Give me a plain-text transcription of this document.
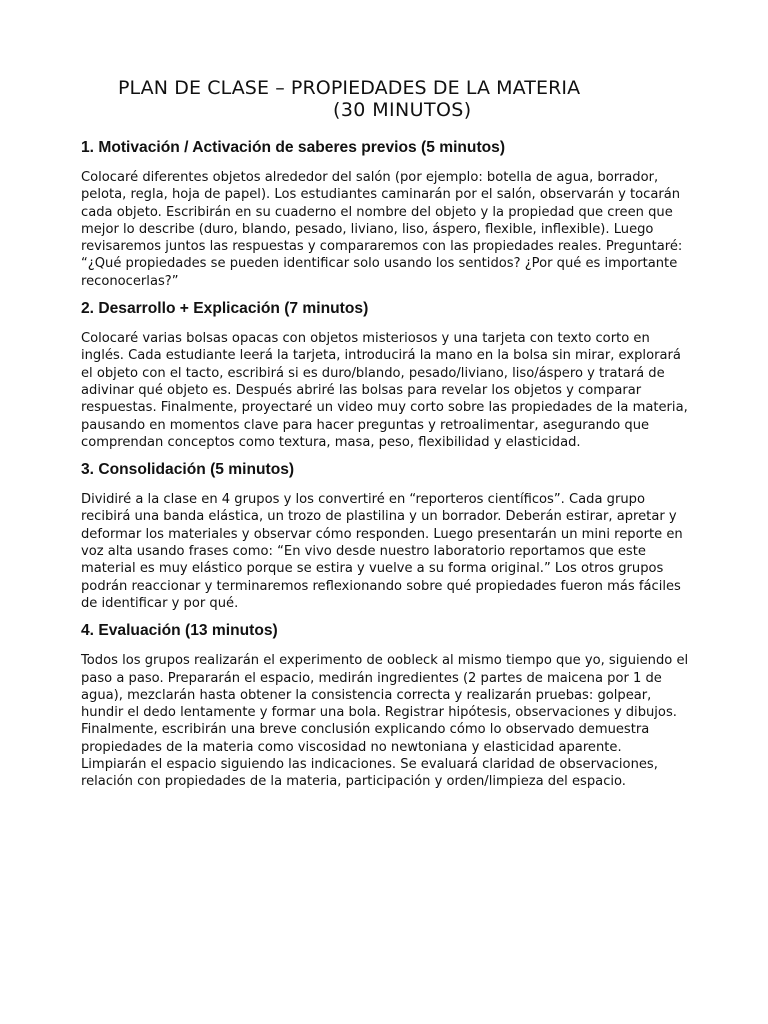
PLAN DE CLASE – PROPIEDADES DE LA MATERIA
(30 MINUTOS)
1. Motivación / Activación de saberes previos (5 minutos)

Colocaré diferentes objetos alrededor del salón (por ejemplo: botella de agua, borrador, pelota, regla, hoja de papel). Los estudiantes caminarán por el salón, observarán y tocarán cada objeto. Escribirán en su cuaderno el nombre del objeto y la propiedad que creen que mejor lo describe (duro, blando, pesado, liviano, liso, áspero, flexible, inflexible). Luego revisaremos juntos las respuestas y compararemos con las propiedades reales. Preguntaré: “¿Qué propiedades se pueden identificar solo usando los sentidos? ¿Por qué es importante reconocerlas?”

2. Desarrollo + Explicación (7 minutos)

Colocaré varias bolsas opacas con objetos misteriosos y una tarjeta con texto corto en inglés. Cada estudiante leerá la tarjeta, introducirá la mano en la bolsa sin mirar, explorará el objeto con el tacto, escribirá si es duro/blando, pesado/liviano, liso/áspero y tratará de adivinar qué objeto es. Después abriré las bolsas para revelar los objetos y comparar respuestas. Finalmente, proyectaré un video muy corto sobre las propiedades de la materia, pausando en momentos clave para hacer preguntas y retroalimentar, asegurando que comprendan conceptos como textura, masa, peso, flexibilidad y elasticidad.

3. Consolidación (5 minutos)

Dividiré a la clase en 4 grupos y los convertiré en “reporteros científicos”. Cada grupo recibirá una banda elástica, un trozo de plastilina y un borrador. Deberán estirar, apretar y deformar los materiales y observar cómo responden. Luego presentarán un mini reporte en voz alta usando frases como: “En vivo desde nuestro laboratorio reportamos que este material es muy elástico porque se estira y vuelve a su forma original.” Los otros grupos podrán reaccionar y terminaremos reflexionando sobre qué propiedades fueron más fáciles de identificar y por qué.

4. Evaluación (13 minutos)

Todos los grupos realizarán el experimento de oobleck al mismo tiempo que yo, siguiendo el paso a paso. Prepararán el espacio, medirán ingredientes (2 partes de maicena por 1 de agua), mezclarán hasta obtener la consistencia correcta y realizarán pruebas: golpear, hundir el dedo lentamente y formar una bola. Registrar hipótesis, observaciones y dibujos. Finalmente, escribirán una breve conclusión explicando cómo lo observado demuestra propiedades de la materia como viscosidad no newtoniana y elasticidad aparente. Limpiarán el espacio siguiendo las indicaciones. Se evaluará claridad de observaciones, relación con propiedades de la materia, participación y orden/limpieza del espacio.
